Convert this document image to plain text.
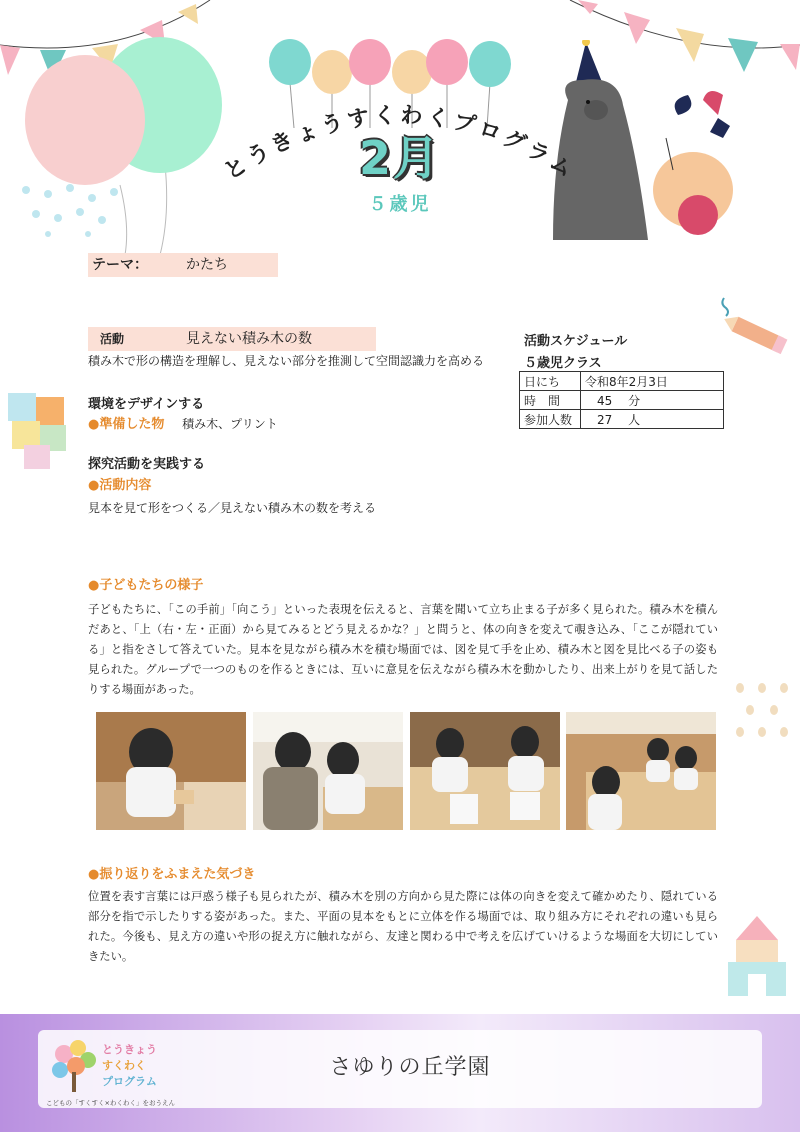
とうきょうすくわくプログラム
2月
５歳児
テーマ：	かたち
活動	見えない積み木の数
積み木で形の構造を理解し、見えない部分を推測して空間認識力を高める
環境をデザインする
●準備した物 積み木、プリント
探究活動を実践する
●活動内容
見本を見て形をつくる／見えない積み木の数を考える
活動スケジュール
５歳児クラス
日にち	令和8年2月3日
時　間	　45　 分
参加人数	　27　 人
●子どもたちの様子
子どもたちに、「この手前」「向こう」といった表現を伝えると、言葉を聞いて立ち止まる子が多く見られた。積み木を積んだあと、「上（右・左・正面）から見てみるとどう見えるかな？」と問うと、体の向きを変えて覗き込み、「ここが隠れている」と指をさして答えていた。見本を見ながら積み木を積む場面では、図を見て手を止め、積み木と図を見比べる子の姿も見られた。グループで一つのものを作るときには、互いに意見を伝えながら積み木を動かしたり、出来上がりを見て話したりする場面があった。
●振り返りをふまえた気づき
位置を表す言葉には戸惑う様子も見られたが、積み木を別の方向から見た際には体の向きを変えて確かめたり、隠れている部分を指で示したりする姿があった。また、平面の見本をもとに立体を作る場面では、取り組み方にそれぞれの違いも見られた。今後も、見え方の違いや形の捉え方に触れながら、友達と関わる中で考えを広げていけるような場面を大切にしていきたい。
とうきょう
すくわく
プログラム
こどもの「すくすく×わくわく」をおうえん
さゆりの丘学園
